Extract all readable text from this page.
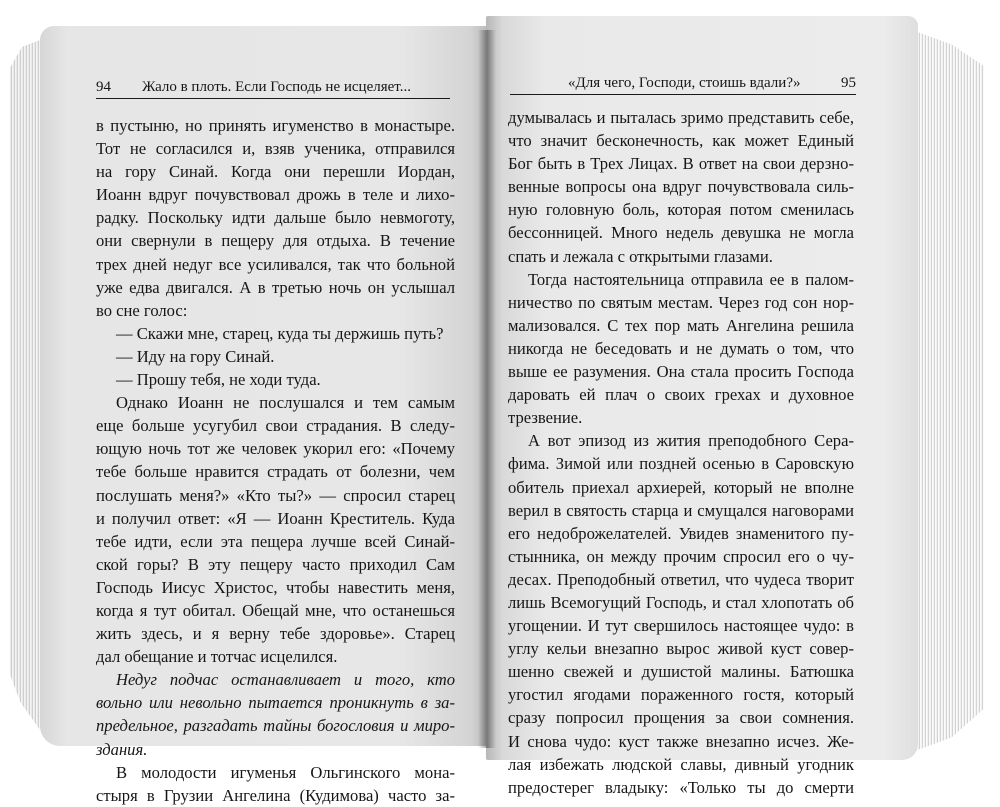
94 Жало в плоть. Если Господь не исцеляет...
в пустыню, но принять игуменство в монастыре.
Тот не согласился и, взяв ученика, отправился
на гору Синай. Когда они перешли Иордан,
Иоанн вдруг почувствовал дрожь в теле и лихо-
радку. Поскольку идти дальше было невмоготу,
они свернули в пещеру для отдыха. В течение
трех дней недуг все усиливался, так что больной
уже едва двигался. А в третью ночь он услышал
во сне голос:
— Скажи мне, старец, куда ты держишь путь?
— Иду на гору Синай.
— Прошу тебя, не ходи туда.
Однако Иоанн не послушался и тем самым
еще больше усугубил свои страдания. В следу-
ющую ночь тот же человек укорил его: «Почему
тебе больше нравится страдать от болезни, чем
послушать меня?» «Кто ты?» — спросил старец
и получил ответ: «Я — Иоанн Креститель. Куда
тебе идти, если эта пещера лучше всей Синай-
ской горы? В эту пещеру часто приходил Сам
Господь Иисус Христос, чтобы навестить меня,
когда я тут обитал. Обещай мне, что останешься
жить здесь, и я верну тебе здоровье». Старец
дал обещание и тотчас исцелился.
Недуг подчас останавливает и того, кто
вольно или невольно пытается проникнуть в за-
предельное, разгадать тайны богословия и миро-
здания.
В молодости игуменья Ольгинского мона-
стыря в Грузии Ангелина (Кудимова) часто за-
«Для чего, Господи, стоишь вдали?»	95
думывалась и пыталась зримо представить себе,
что значит бесконечность, как может Единый
Бог быть в Трех Лицах. В ответ на свои дерзно-
венные вопросы она вдруг почувствовала силь-
ную головную боль, которая потом сменилась
бессонницей. Много недель девушка не могла
спать и лежала с открытыми глазами.
Тогда настоятельница отправила ее в палом-
ничество по святым местам. Через год сон нор-
мализовался. С тех пор мать Ангелина решила
никогда не беседовать и не думать о том, что
выше ее разумения. Она стала просить Господа
даровать ей плач о своих грехах и духовное
трезвение.
А вот эпизод из жития преподобного Сера-
фима. Зимой или поздней осенью в Саровскую
обитель приехал архиерей, который не вполне
верил в святость старца и смущался наговорами
его недоброжелателей. Увидев знаменитого пу-
стынника, он между прочим спросил его о чу-
десах. Преподобный ответил, что чудеса творит
лишь Всемогущий Господь, и стал хлопотать об
угощении. И тут свершилось настоящее чудо: в
углу кельи внезапно вырос живой куст совер-
шенно свежей и душистой малины. Батюшка
угостил ягодами пораженного гостя, который
сразу попросил прощения за свои сомнения.
И снова чудо: куст также внезапно исчез. Же-
лая избежать людской славы, дивный угодник
предостерег владыку: «Только ты до смерти
